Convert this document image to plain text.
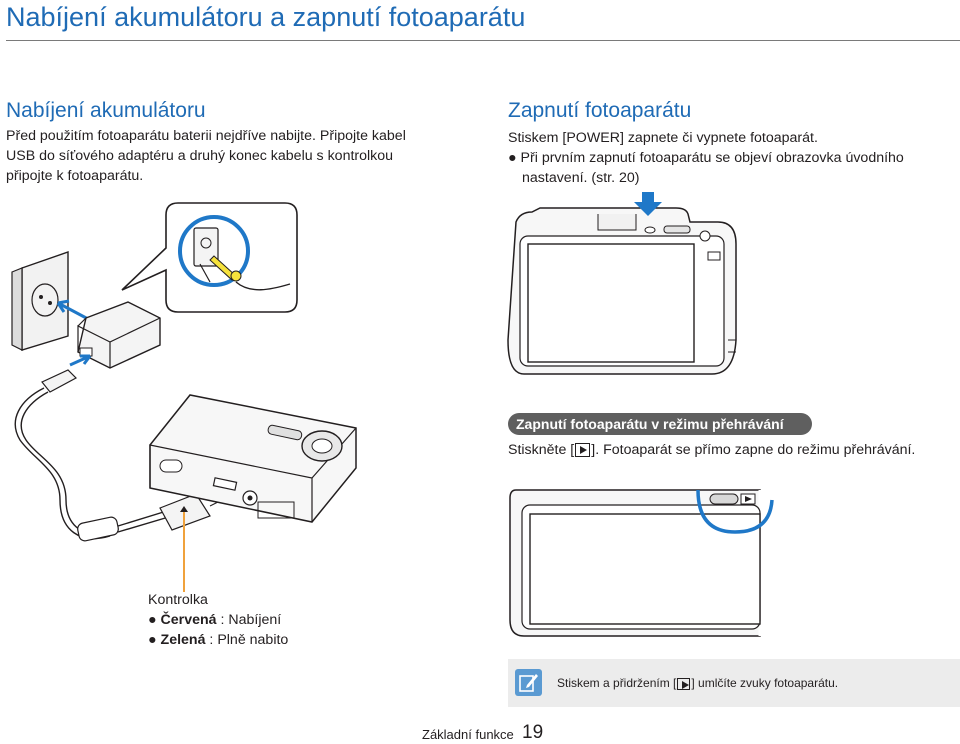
Nabíjení akumulátoru a zapnutí fotoaparátu
Nabíjení akumulátoru
Před použitím fotoaparátu baterii nejdříve nabijte. Připojte kabel
USB do síťového adaptéru a druhý konec kabelu s kontrolkou
připojte k fotoaparátu.
Zapnutí fotoaparátu
Stiskem [POWER] zapnete či vypnete fotoaparát.
● Při prvním zapnutí fotoaparátu se objeví obrazovka úvodního
nastavení. (str. 20)
Kontrolka
● Červená : Nabíjení
● Zelená : Plně nabito
Zapnutí fotoaparátu v režimu přehrávání
Stiskněte [ ]. Fotoaparát se přímo zapne do režimu přehrávání.
Stiskem a přidržením [ ] umlčíte zvuky fotoaparátu.
Základní funkce 19
